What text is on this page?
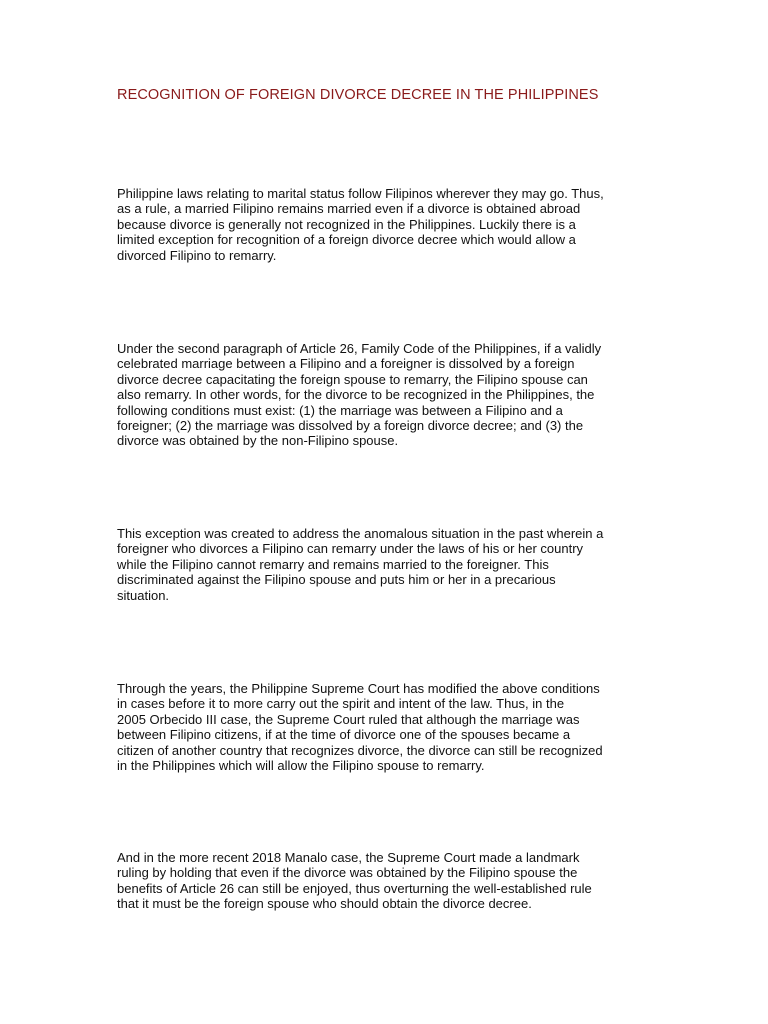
RECOGNITION OF FOREIGN DIVORCE DECREE IN THE PHILIPPINES

Philippine laws relating to marital status follow Filipinos wherever they may go. Thus,
as a rule, a married Filipino remains married even if a divorce is obtained abroad
because divorce is generally not recognized in the Philippines. Luckily there is a
limited exception for recognition of a foreign divorce decree which would allow a
divorced Filipino to remarry.

Under the second paragraph of Article 26, Family Code of the Philippines, if a validly
celebrated marriage between a Filipino and a foreigner is dissolved by a foreign
divorce decree capacitating the foreign spouse to remarry, the Filipino spouse can
also remarry. In other words, for the divorce to be recognized in the Philippines, the
following conditions must exist: (1) the marriage was between a Filipino and a
foreigner; (2) the marriage was dissolved by a foreign divorce decree; and (3) the
divorce was obtained by the non-Filipino spouse.

This exception was created to address the anomalous situation in the past wherein a
foreigner who divorces a Filipino can remarry under the laws of his or her country
while the Filipino cannot remarry and remains married to the foreigner. This
discriminated against the Filipino spouse and puts him or her in a precarious
situation.

Through the years, the Philippine Supreme Court has modified the above conditions
in cases before it to more carry out the spirit and intent of the law. Thus, in the
2005 Orbecido III case, the Supreme Court ruled that although the marriage was
between Filipino citizens, if at the time of divorce one of the spouses became a
citizen of another country that recognizes divorce, the divorce can still be recognized
in the Philippines which will allow the Filipino spouse to remarry.

And in the more recent 2018 Manalo case, the Supreme Court made a landmark
ruling by holding that even if the divorce was obtained by the Filipino spouse the
benefits of Article 26 can still be enjoyed, thus overturning the well-established rule
that it must be the foreign spouse who should obtain the divorce decree.
